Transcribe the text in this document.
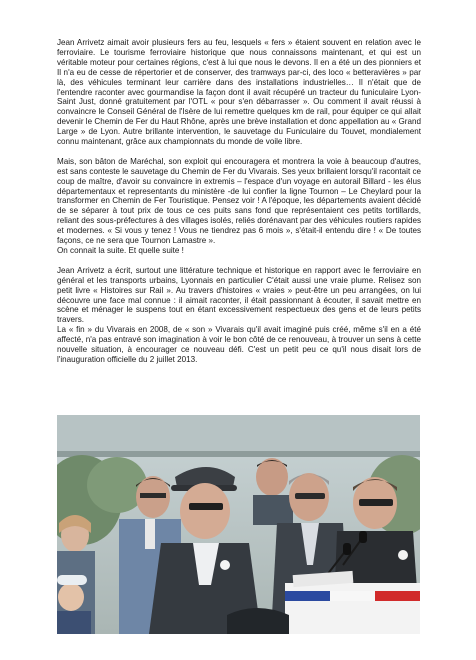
Jean Arrivetz aimait avoir plusieurs fers au feu, lesquels « fers » étaient souvent en relation avec le ferroviaire. Le tourisme ferroviaire historique que nous connaissons maintenant, et qui est un véritable moteur pour certaines régions, c'est à lui que nous le devons. Il en a été un des pionniers et Il n'a eu de cesse de répertorier et de conserver, des tramways par-ci, des loco « betteravières » par là, des véhicules terminant leur carrière dans des installations industrielles… Il n'était que de l'entendre raconter avec gourmandise la façon dont il avait récupéré un tracteur du funiculaire Lyon-Saint Just, donné gratuitement par l'OTL « pour s'en débarrasser ». Ou comment il avait réussi à convaincre le Conseil Général de l'Isère de lui remettre quelques km de rail, pour équiper ce qui allait devenir le Chemin de Fer du Haut Rhône, après une brève installation et donc appellation au « Grand Large » de Lyon. Autre brillante intervention, le sauvetage du Funiculaire du Touvet, mondialement connu maintenant, grâce aux championnats du monde de voile libre.

Mais, son bâton de Maréchal, son exploit qui encouragera et montrera la voie à beaucoup d'autres, est sans conteste le sauvetage du Chemin de Fer du Vivarais. Ses yeux brillaient lorsqu'il racontait ce coup de maître, d'avoir su convaincre in extremis – l'espace d'un voyage en autorail Billard - les élus départementaux et representants du ministère -de lui confier la ligne Tournon – Le Cheylard pour la transformer en Chemin de Fer Touristique. Pensez voir ! A l'époque, les départements avaient décidé de se séparer à tout prix de tous ce ces puits sans fond que représentaient ces petits tortillards, reliant des sous-préfectures à des villages isolés, reliés dorénavant par des véhicules routiers rapides et modernes. « Si vous y tenez ! Vous ne tiendrez pas 6 mois », s'était-il entendu dire ! « De toutes façons, ce ne sera que Tournon Lamastre ».

On connait la suite. Et quelle suite !

Jean Arrivetz a écrit, surtout une littérature technique et historique en rapport avec le ferroviaire en général et les transports urbains, Lyonnais en particulier C'était aussi une vraie plume. Relisez son petit livre « Histoires sur Rail ». Au travers d'histoires « vraies » peut-être un peu arrangées, on lui découvre une face mal connue : il aimait raconter, il était passionnant à écouter, il savait mettre en scène et ménager le suspens tout en étant excessivement respectueux des gens et de leurs petits travers.

La « fin » du Vivarais en 2008, de « son » Vivarais qu'il avait imaginé puis créé, même s'il en a été affecté, n'a pas entravé son imagination à voir le bon côté de ce renouveau, à trouver un sens à cette nouvelle situation, à encourager ce nouveau défi. C'est un petit peu ce qu'il nous disait lors de l'inauguration officielle du 2 juillet 2013.
